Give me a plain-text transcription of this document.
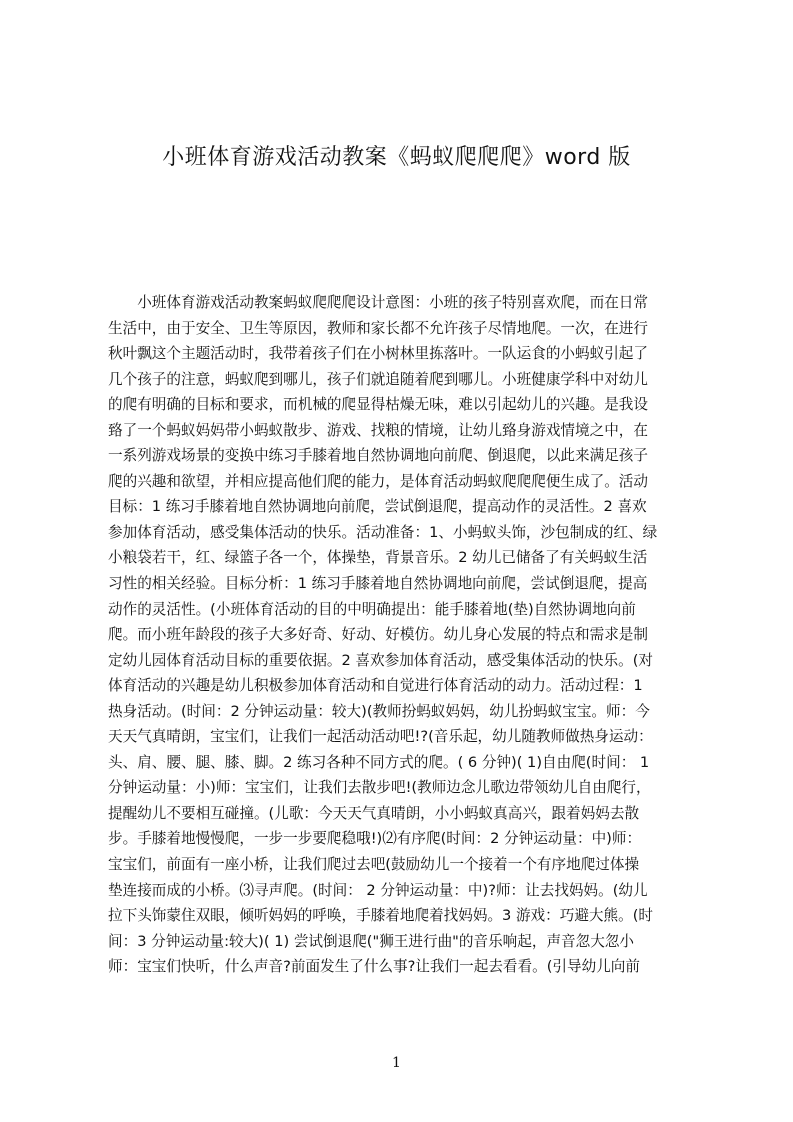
小班体育游戏活动教案《蚂蚁爬爬爬》word 版
　　小班体育游戏活动教案蚂蚁爬爬爬设计意图：小班的孩子特别喜欢爬，而在日常
生活中，由于安全、卫生等原因，教师和家长都不允许孩子尽情地爬。一次，在进行
秋叶飘这个主题活动时，我带着孩子们在小树林里拣落叶。一队运食的小蚂蚁引起了
几个孩子的注意，蚂蚁爬到哪儿，孩子们就追随着爬到哪儿。小班健康学科中对幼儿
的爬有明确的目标和要求，而机械的爬显得枯燥无味，难以引起幼儿的兴趣。是我设
臵了一个蚂蚁妈妈带小蚂蚁散步、游戏、找粮的情境，让幼儿臵身游戏情境之中，在
一系列游戏场景的变换中练习手膝着地自然协调地向前爬、倒退爬，以此来满足孩子
爬的兴趣和欲望，并相应提高他们爬的能力，是体育活动蚂蚁爬爬爬便生成了。活动
目标：1 练习手膝着地自然协调地向前爬，尝试倒退爬，提高动作的灵活性。2 喜欢
参加体育活动，感受集体活动的快乐。活动准备：1、小蚂蚁头饰，沙包制成的红、绿
小粮袋若干，红、绿篮子各一个，体操垫，背景音乐。2 幼儿已储备了有关蚂蚁生活
习性的相关经验。目标分析：1 练习手膝着地自然协调地向前爬，尝试倒退爬，提高
动作的灵活性。(小班体育活动的目的中明确提出：能手膝着地(垫)自然协调地向前
爬。而小班年龄段的孩子大多好奇、好动、好模仿。幼儿身心发展的特点和需求是制
定幼儿园体育活动目标的重要依据。2 喜欢参加体育活动，感受集体活动的快乐。(对
体育活动的兴趣是幼儿积极参加体育活动和自觉进行体育活动的动力。活动过程：1
热身活动。(时间：2 分钟运动量：较大)(教师扮蚂蚁妈妈，幼儿扮蚂蚁宝宝。师：今
天天气真晴朗，宝宝们，让我们一起活动活动吧!?(音乐起，幼儿随教师做热身运动：
头、肩、腰、腿、膝、脚。2 练习各种不同方式的爬。( 6 分钟)( 1)自由爬(时间： 1
分钟运动量：小)师：宝宝们，让我们去散步吧!(教师边念儿歌边带领幼儿自由爬行，
提醒幼儿不要相互碰撞。(儿歌：今天天气真晴朗，小小蚂蚁真高兴，跟着妈妈去散
步。手膝着地慢慢爬，一步一步要爬稳哦!)⑵有序爬(时间：2 分钟运动量：中)师：
宝宝们，前面有一座小桥，让我们爬过去吧(鼓励幼儿一个接着一个有序地爬过体操
垫连接而成的小桥。⑶寻声爬。(时间： 2 分钟运动量：中)?师：让去找妈妈。(幼儿
拉下头饰蒙住双眼，倾听妈妈的呼唤，手膝着地爬着找妈妈。3 游戏：巧避大熊。(时
间：3 分钟运动量:较大)( 1) 尝试倒退爬("狮王进行曲"的音乐响起，声音忽大忽小
师：宝宝们快听，什么声音?前面发生了什么事?让我们一起去看看。(引导幼儿向前
1
